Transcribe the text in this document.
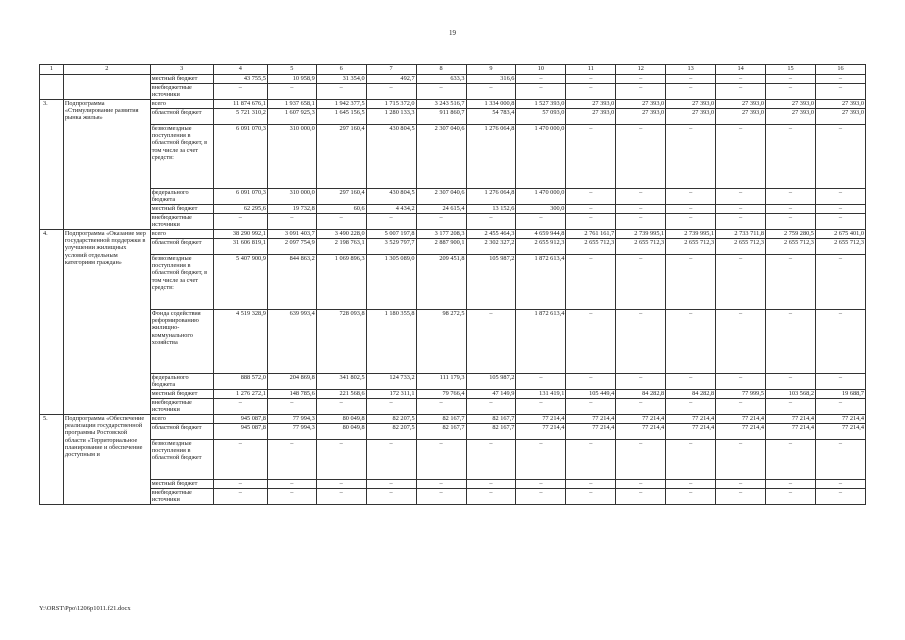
19
1	2	3	4	5	6	7	8	9	10	11	12	13	14	15	16
		местный бюджет	43 755,5	10 958,9	31 354,0	492,7	633,3	316,6	–	–	–	–	–	–	–
		внебюджетные источники	–	–	–	–	–	–	–	–	–	–	–	–	–
3.	Подпрограмма «Стимулирование развития рынка жилья»	всего	11 874 676,1	1 937 658,1	1 942 377,5	1 715 372,0	3 243 516,7	1 334 000,8	1 527 393,0	27 393,0	27 393,0	27 393,0	27 393,0	27 393,0	27 393,0
		областной бюджет	5 721 310,2	1 607 925,3	1 645 156,5	1 280 133,3	911 860,7	54 783,4	57 093,0	27 393,0	27 393,0	27 393,0	27 393,0	27 393,0	27 393,0
		безвозмездные поступления в областной бюджет, в том числе за счет средств:	6 091 070,3	310 000,0	297 160,4	430 804,5	2 307 040,6	1 276 064,8	1 470 000,0	–	–	–	–	–	–
		федерального бюджета	6 091 070,3	310 000,0	297 160,4	430 804,5	2 307 040,6	1 276 064,8	1 470 000,0	–	–	–	–	–	–
		местный бюджет	62 295,6	19 732,8	60,6	4 434,2	24 615,4	13 152,6	300,0	–	–	–	–	–	–
		внебюджетные источники	–	–	–	–	–	–	–	–	–	–	–	–	–
4.	Подпрограмма «Оказание мер государственной поддержки в улучшении жилищных условий отдельным категориям граждан»	всего	38 290 992,1	3 091 403,7	3 490 228,0	5 007 197,8	3 177 208,3	2 455 464,3	4 659 944,8	2 761 161,7	2 739 995,1	2 739 995,1	2 733 711,8	2 759 280,5	2 675 401,0
		областной бюджет	31 606 819,1	2 097 754,9	2 198 763,1	3 529 797,7	2 887 900,1	2 302 327,2	2 655 912,3	2 655 712,3	2 655 712,3	2 655 712,3	2 655 712,3	2 655 712,3	2 655 712,3
		безвозмездные поступления в областной бюджет, в том числе за счет средств:	5 407 900,9	844 863,2	1 069 896,3	1 305 089,0	209 451,8	105 987,2	1 872 613,4	–	–	–	–	–	–
		Фонда содействия реформированию жилищно-коммунального хозяйства	4 519 328,9	639 993,4	728 093,8	1 180 355,8	98 272,5	–	1 872 613,4	–	–	–	–	–	–
		федерального бюджета	888 572,0	204 869,8	341 802,5	124 733,2	111 179,3	105 987,2	–	–	–	–	–	–	–
		местный бюджет	1 276 272,1	148 785,6	221 568,6	172 311,1	79 766,4	47 149,9	131 419,1	105 449,4	84 282,8	84 282,8	77 999,5	103 568,2	19 688,7
		внебюджетные источники	–	–	–	–	–	–	–	–	–	–	–	–	–
5.	Подпрограмма «Обеспечение реализации государственной программы Ростовской области «Территориальное планирование и обеспечение доступным и	всего	945 087,8	77 994,3	80 049,8	82 207,5	82 167,7	82 167,7	77 214,4	77 214,4	77 214,4	77 214,4	77 214,4	77 214,4	77 214,4
		областной бюджет	945 087,8	77 994,3	80 049,8	82 207,5	82 167,7	82 167,7	77 214,4	77 214,4	77 214,4	77 214,4	77 214,4	77 214,4	77 214,4
		безвозмездные поступления в областной бюджет	–	–	–	–	–	–	–	–	–	–	–	–	–
		местный бюджет	–	–	–	–	–	–	–	–	–	–	–	–	–
		внебюджетные источники	–	–	–	–	–	–	–	–	–	–	–	–	–
Y:\ORST\Ppo\1206p1011.f21.docx
